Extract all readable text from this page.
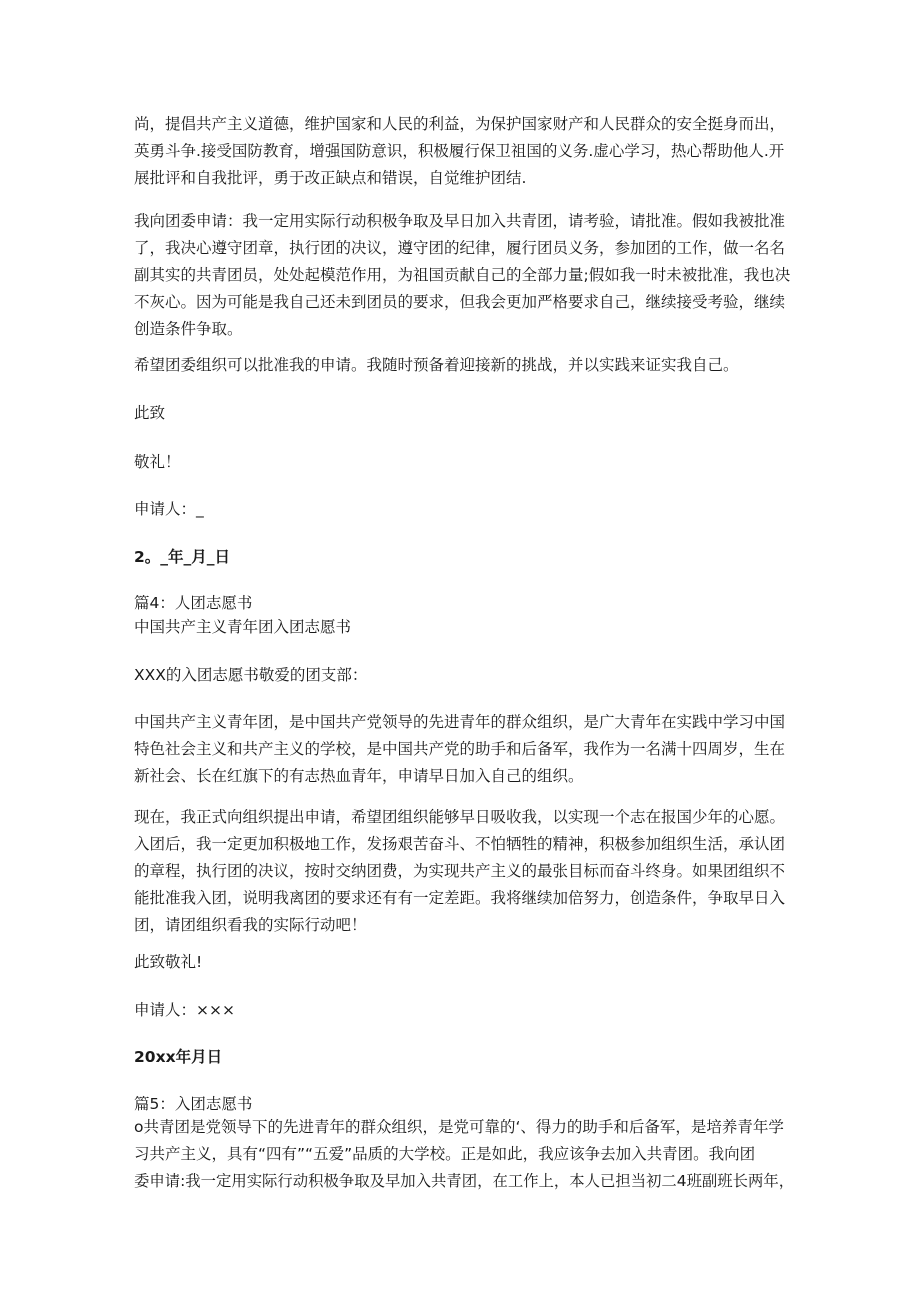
尚，提倡共产主义道德，维护国家和人民的利益，为保护国家财产和人民群众的安全挺身而出，
英勇斗争.接受国防教育，增强国防意识，积极履行保卫祖国的义务.虚心学习，热心帮助他人.开
展批评和自我批评，勇于改正缺点和错误，自觉维护团结.
我向团委申请：我一定用实际行动积极争取及早日加入共青团，请考验，请批准。假如我被批准
了，我决心遵守团章，执行团的决议，遵守团的纪律，履行团员义务，参加团的工作，做一名名
副其实的共青团员，处处起模范作用，为祖国贡献自己的全部力量;假如我一时未被批准，我也决
不灰心。因为可能是我自己还未到团员的要求，但我会更加严格要求自己，继续接受考验，继续
创造条件争取。
希望团委组织可以批准我的申请。我随时预备着迎接新的挑战，并以实践来证实我自己。
此致
敬礼！
申请人：_
2。_年_月_日
篇4：人团志愿书
中国共产主义青年团入团志愿书
XXX的入团志愿书敬爱的团支部：
中国共产主义青年团，是中国共产党领导的先进青年的群众组织，是广大青年在实践中学习中国
特色社会主义和共产主义的学校，是中国共产党的助手和后备军，我作为一名满十四周岁，生在
新社会、长在红旗下的有志热血青年，申请早日加入自己的组织。
现在，我正式向组织提出申请，希望团组织能够早日吸收我，以实现一个志在报国少年的心愿。
入团后，我一定更加积极地工作，发扬艰苦奋斗、不怕牺牲的精神，积极参加组织生活，承认团
的章程，执行团的决议，按时交纳团费，为实现共产主义的最张目标而奋斗终身。如果团组织不
能批准我入团，说明我离团的要求还有有一定差距。我将继续加倍努力，创造条件，争取早日入
团，请团组织看我的实际行动吧！
此致敬礼!
申请人：×××
20xx年月日
篇5：入团志愿书
o共青团是党领导下的先进青年的群众组织，是党可靠的‘、得力的助手和后备军，是培养青年学
习共产主义，具有“四有”“五爱”品质的大学校。正是如此，我应该争去加入共青团。我向团
委申请:我一定用实际行动积极争取及早加入共青团，在工作上，本人已担当初二4班副班长两年，
